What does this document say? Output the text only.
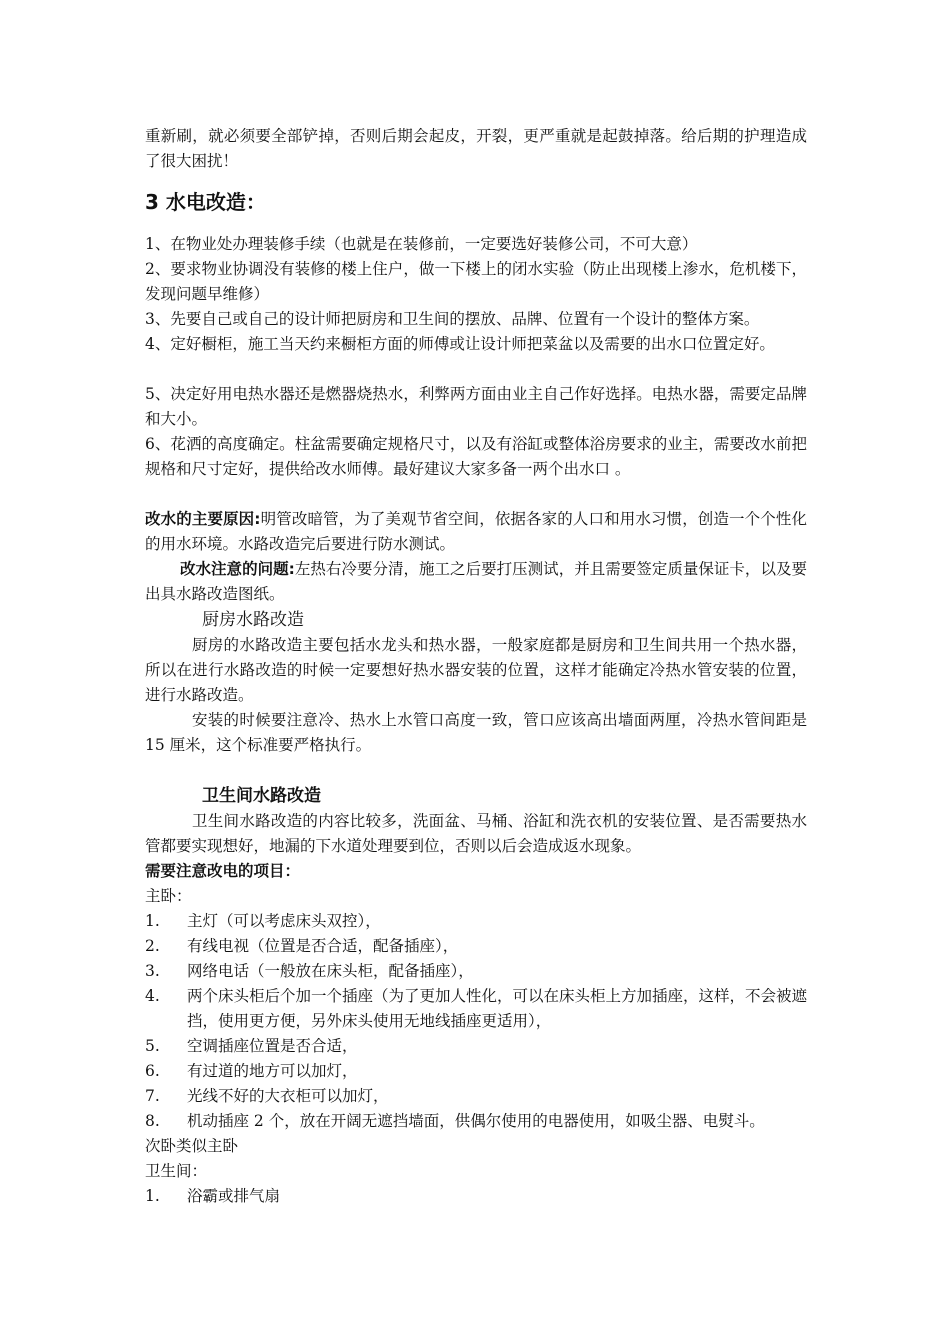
重新刷，就必须要全部铲掉，否则后期会起皮，开裂，更严重就是起鼓掉落。给后期的护理造成了很大困扰！

3 水电改造：

1、在物业处办理装修手续（也就是在装修前，一定要选好装修公司，不可大意）

2、要求物业协调没有装修的楼上住户，做一下楼上的闭水实验（防止出现楼上渗水，危机楼下，发现问题早维修）

3、先要自己或自己的设计师把厨房和卫生间的摆放、品牌、位置有一个设计的整体方案。

4、定好橱柜，施工当天约来橱柜方面的师傅或让设计师把菜盆以及需要的出水口位置定好。

5、决定好用电热水器还是燃器烧热水，利弊两方面由业主自己作好选择。电热水器，需要定品牌和大小。

6、花洒的高度确定。柱盆需要确定规格尺寸，以及有浴缸或整体浴房要求的业主，需要改水前把规格和尺寸定好，提供给改水师傅。最好建议大家多备一两个出水口 。

改水的主要原因:明管改暗管，为了美观节省空间，依据各家的人口和用水习惯，创造一个个性化的用水环境。水路改造完后要进行防水测试。

改水注意的问题:左热右冷要分清，施工之后要打压测试，并且需要签定质量保证卡，以及要出具水路改造图纸。

厨房水路改造

厨房的水路改造主要包括水龙头和热水器，一般家庭都是厨房和卫生间共用一个热水器，所以在进行水路改造的时候一定要想好热水器安装的位置，这样才能确定冷热水管安装的位置，进行水路改造。

安装的时候要注意冷、热水上水管口高度一致，管口应该高出墙面两厘，冷热水管间距是 15 厘米，这个标准要严格执行。

卫生间水路改造

卫生间水路改造的内容比较多，洗面盆、马桶、浴缸和洗衣机的安装位置、是否需要热水管都要实现想好，地漏的下水道处理要到位，否则以后会造成返水现象。

需要注意改电的项目：

主卧：

1.	主灯（可以考虑床头双控），
2.	有线电视（位置是否合适，配备插座），
3.	网络电话（一般放在床头柜，配备插座），
4.	两个床头柜后个加一个插座（为了更加人性化，可以在床头柜上方加插座，这样，不会被遮挡，使用更方便，另外床头使用无地线插座更适用），
5.	空调插座位置是否合适，
6.	有过道的地方可以加灯，
7.	光线不好的大衣柜可以加灯，
8.	机动插座 2 个，放在开阔无遮挡墙面，供偶尔使用的电器使用，如吸尘器、电熨斗。

次卧类似主卧

卫生间：

1.	浴霸或排气扇
